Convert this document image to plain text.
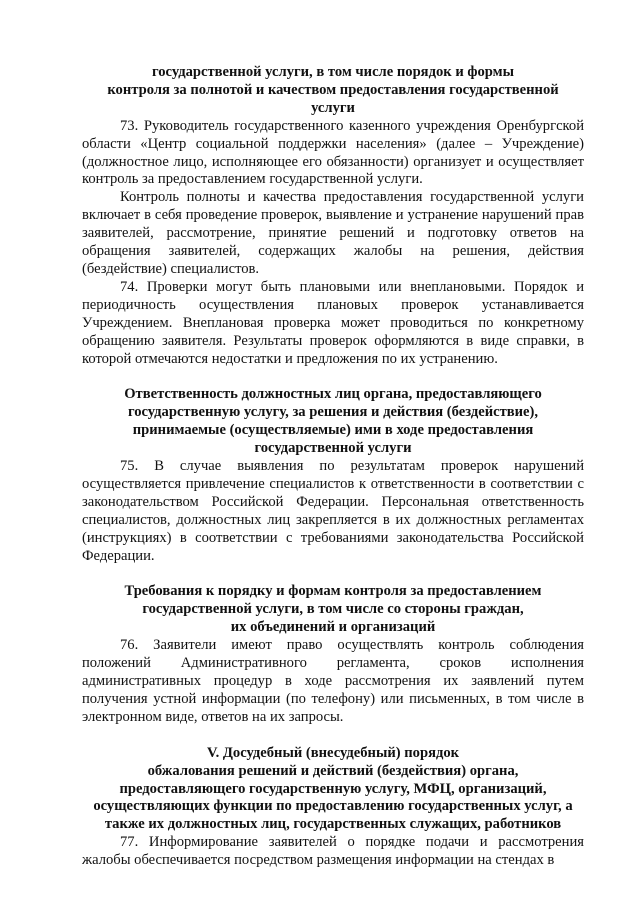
государственной услуги, в том числе порядок и формы
контроля за полнотой и качеством предоставления государственной
услуги

73. Руководитель государственного казенного учреждения Оренбургской области «Центр социальной поддержки населения» (далее – Учреждение) (должностное лицо, исполняющее его обязанности) организует и осуществляет контроль за предоставлением государственной услуги.

Контроль полноты и качества предоставления государственной услуги включает в себя проведение проверок, выявление и устранение нарушений прав заявителей, рассмотрение, принятие решений и подготовку ответов на обращения заявителей, содержащих жалобы на решения, действия (бездействие) специалистов.

74. Проверки могут быть плановыми или внеплановыми. Порядок и периодичность осуществления плановых проверок устанавливается Учреждением. Внеплановая проверка может проводиться по конкретному обращению заявителя. Результаты проверок оформляются в виде справки, в которой отмечаются недостатки и предложения по их устранению.

Ответственность должностных лиц органа, предоставляющего
государственную услугу, за решения и действия (бездействие),
принимаемые (осуществляемые) ими в ходе предоставления
государственной услуги

75. В случае выявления по результатам проверок нарушений осуществляется привлечение специалистов к ответственности в соответствии с законодательством Российской Федерации. Персональная ответственность специалистов, должностных лиц закрепляется в их должностных регламентах (инструкциях) в соответствии с требованиями законодательства Российской Федерации.

Требования к порядку и формам контроля за предоставлением
государственной услуги, в том числе со стороны граждан,
их объединений и организаций

76. Заявители имеют право осуществлять контроль соблюдения положений Административного регламента, сроков исполнения административных процедур в ходе рассмотрения их заявлений путем получения устной информации (по телефону) или письменных, в том числе в электронном виде, ответов на их запросы.

V. Досудебный (внесудебный) порядок
обжалования решений и действий (бездействия) органа,
предоставляющего государственную услугу, МФЦ, организаций,
осуществляющих функции по предоставлению государственных услуг, а
также их должностных лиц, государственных служащих, работников

77. Информирование заявителей о порядке подачи и рассмотрения жалобы обеспечивается посредством размещения информации на стендах в
